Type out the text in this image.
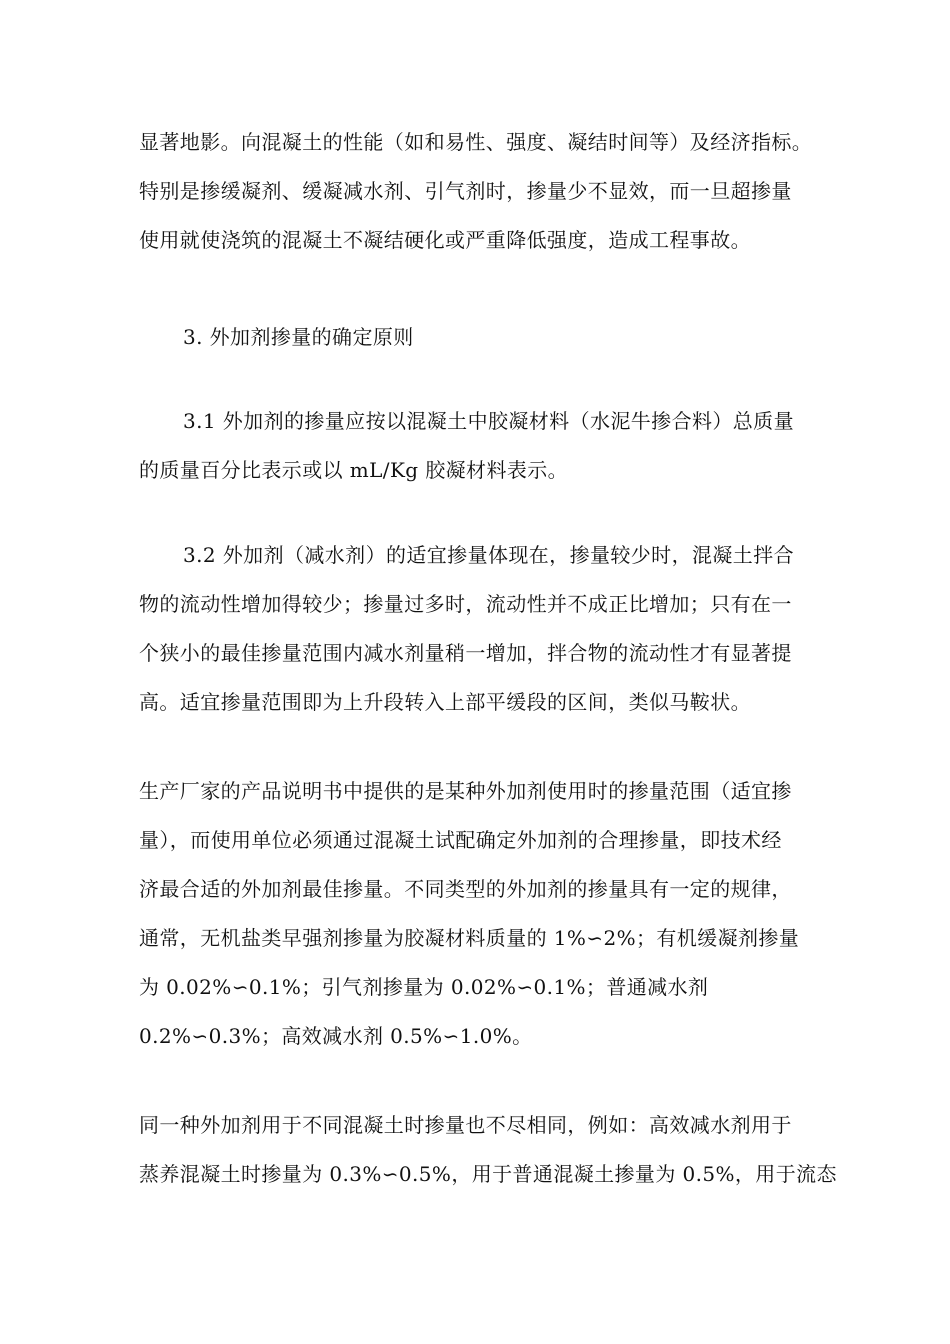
显著地影。向混凝土的性能（如和易性、强度、凝结时间等）及经济指标。
特别是掺缓凝剂、缓凝减水剂、引气剂时，掺量少不显效，而一旦超掺量
使用就使浇筑的混凝土不凝结硬化或严重降低强度，造成工程事故。
3. 外加剂掺量的确定原则
3.1 外加剂的掺量应按以混凝土中胶凝材料（水泥牛掺合料）总质量
的质量百分比表示或以 mL/Kg 胶凝材料表示。
3.2 外加剂（减水剂）的适宜掺量体现在，掺量较少时，混凝土拌合
物的流动性增加得较少；掺量过多时，流动性并不成正比增加；只有在一
个狭小的最佳掺量范围内减水剂量稍一增加，拌合物的流动性才有显著提
高。适宜掺量范围即为上升段转入上部平缓段的区间，类似马鞍状。
生产厂家的产品说明书中提供的是某种外加剂使用时的掺量范围（适宜掺
量），而使用单位必须通过混凝土试配确定外加剂的合理掺量，即技术经
济最合适的外加剂最佳掺量。不同类型的外加剂的掺量具有一定的规律，
通常，无机盐类早强剂掺量为胶凝材料质量的 1%∽2%；有机缓凝剂掺量
为 0.02%∽0.1%；引气剂掺量为 0.02%∽0.1%；普通减水剂
0.2%∽0.3%；高效减水剂 0.5%∽1.0%。
同一种外加剂用于不同混凝土时掺量也不尽相同，例如：高效减水剂用于
蒸养混凝土时掺量为 0.3%∽0.5%，用于普通混凝土掺量为 0.5%，用于流态
